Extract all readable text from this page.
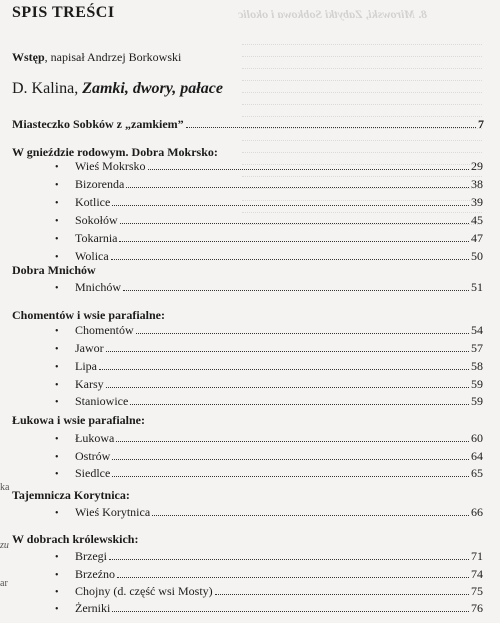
8. Mirowski, Zabytki Sobkowa i okolic
ka
zu
ar
SPIS TREŚCI
Wstęp, napisał Andrzej Borkowski
D. Kalina, Zamki, dwory, pałace
Miasteczko Sobków z „zamkiem”	7
W gnieździe rodowym. Dobra Mokrsko:
• Wieś Mokrsko	29
• Bizorenda	38
• Kotlice	39
• Sokołów	45
• Tokarnia	47
• Wolica	50
Dobra Mnichów
• Mnichów	51
Chomentów i wsie parafialne:
• Chomentów	54
• Jawor	57
• Lipa	58
• Karsy	59
• Staniowice	59
Łukowa i wsie parafialne:
• Łukowa	60
• Ostrów	64
• Siedlce	65
Tajemnicza Korytnica:
• Wieś Korytnica	66
W dobrach królewskich:
• Brzegi	71
• Brzeźno	74
• Chojny (d. część wsi Mosty)	75
• Żerniki	76
